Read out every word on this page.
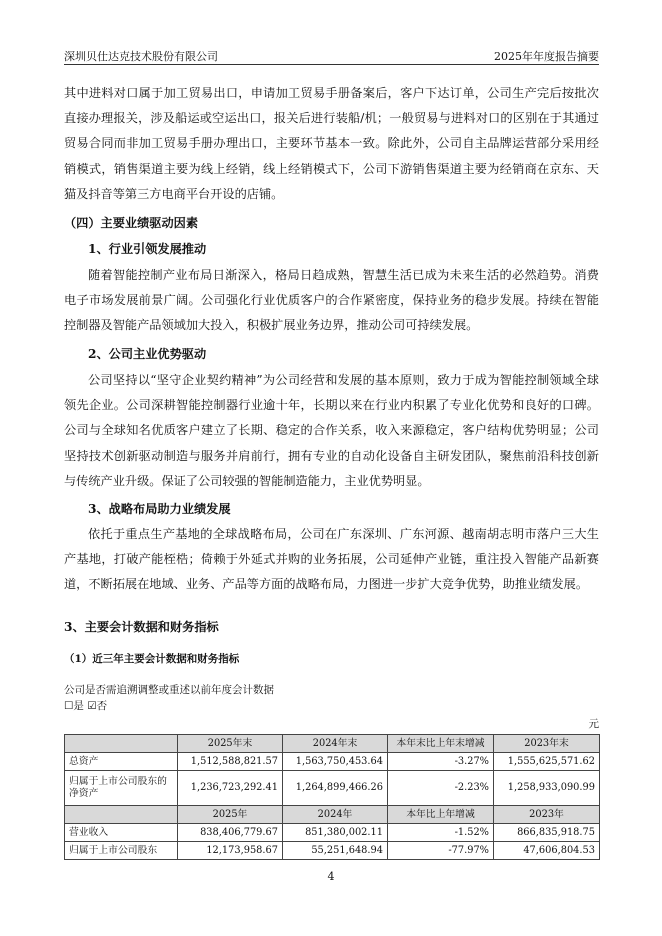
深圳贝仕达克技术股份有限公司	2025年年度报告摘要

其中进料对口属于加工贸易出口，申请加工贸易手册备案后，客户下达订单，公司生产完后按批次直接办理报关，涉及船运或空运出口，报关后进行装船/机；一般贸易与进料对口的区别在于其通过贸易合同而非加工贸易手册办理出口，主要环节基本一致。除此外，公司自主品牌运营部分采用经销模式，销售渠道主要为线上经销，线上经销模式下，公司下游销售渠道主要为经销商在京东、天猫及抖音等第三方电商平台开设的店铺。

（四）主要业绩驱动因素
1、行业引领发展推动

随着智能控制产业布局日渐深入，格局日趋成熟，智慧生活已成为未来生活的必然趋势。消费电子市场发展前景广阔。公司强化行业优质客户的合作紧密度，保持业务的稳步发展。持续在智能控制器及智能产品领域加大投入，积极扩展业务边界，推动公司可持续发展。

2、公司主业优势驱动

公司坚持以“坚守企业契约精神”为公司经营和发展的基本原则，致力于成为智能控制领域全球领先企业。公司深耕智能控制器行业逾十年，长期以来在行业内积累了专业化优势和良好的口碑。公司与全球知名优质客户建立了长期、稳定的合作关系，收入来源稳定，客户结构优势明显；公司坚持技术创新驱动制造与服务并肩前行，拥有专业的自动化设备自主研发团队，聚焦前沿科技创新与传统产业升级。保证了公司较强的智能制造能力，主业优势明显。

3、战略布局助力业绩发展

依托于重点生产基地的全球战略布局，公司在广东深圳、广东河源、越南胡志明市落户三大生产基地，打破产能桎梏；倚赖于外延式并购的业务拓展，公司延伸产业链，重注投入智能产品新赛道，不断拓展在地域、业务、产品等方面的战略布局，力图进一步扩大竞争优势，助推业绩发展。

3、主要会计数据和财务指标
（1）近三年主要会计数据和财务指标
公司是否需追溯调整或重述以前年度会计数据
☐是 ☑否
元
	2025年末	2024年末	本年末比上年末增减	2023年末
总资产	1,512,588,821.57	1,563,750,453.64	-3.27%	1,555,625,571.62
归属于上市公司股东的净资产	1,236,723,292.41	1,264,899,466.26	-2.23%	1,258,933,090.99
	2025年	2024年	本年比上年增减	2023年
营业收入	838,406,779.67	851,380,002.11	-1.52%	866,835,918.75
归属于上市公司股东	12,173,958.67	55,251,648.94	-77.97%	47,606,804.53
4
